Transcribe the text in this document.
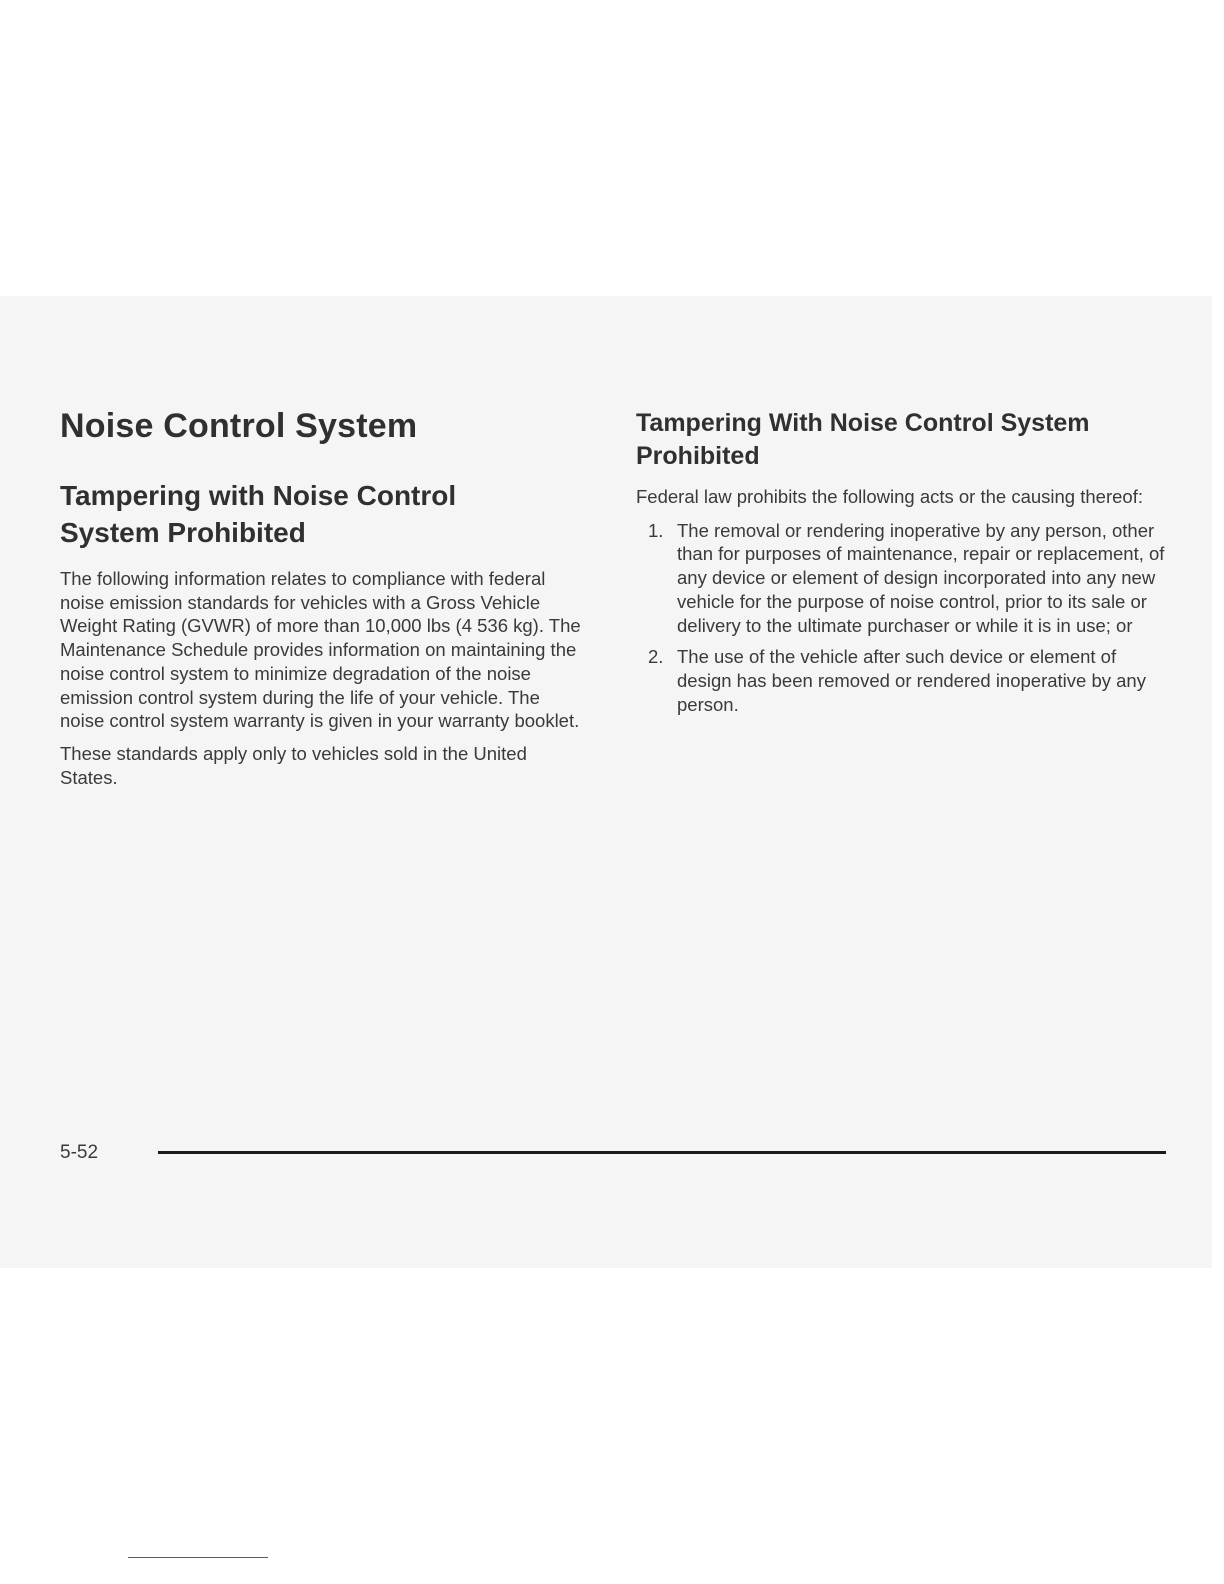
Noise Control System
Tampering with Noise Control System Prohibited

The following information relates to compliance with federal noise emission standards for vehicles with a Gross Vehicle Weight Rating (GVWR) of more than 10,000 lbs (4 536 kg). The Maintenance Schedule provides information on maintaining the noise control system to minimize degradation of the noise emission control system during the life of your vehicle. The noise control system warranty is given in your warranty booklet.

These standards apply only to vehicles sold in the United States.

Tampering With Noise Control System Prohibited

Federal law prohibits the following acts or the causing thereof:

1. The removal or rendering inoperative by any person, other than for purposes of maintenance, repair or replacement, of any device or element of design incorporated into any new vehicle for the purpose of noise control, prior to its sale or delivery to the ultimate purchaser or while it is in use; or
2. The use of the vehicle after such device or element of design has been removed or rendered inoperative by any person.
5-52
